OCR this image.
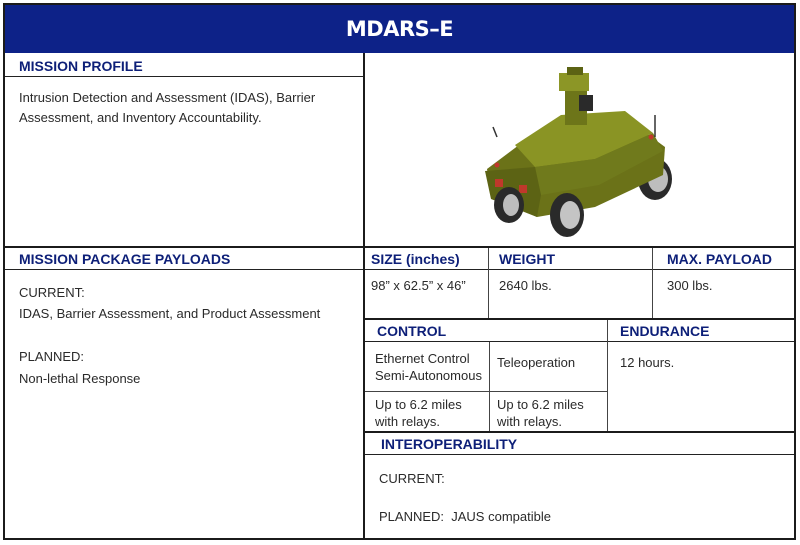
MDARS–E
MISSION PROFILE
Intrusion Detection and Assessment (IDAS), Barrier Assessment, and Inventory Accountability.
MISSION PACKAGE PAYLOADS
CURRENT:
IDAS, Barrier Assessment, and Product Assessment
PLANNED:
Non-lethal Response
SIZE (inches)
98” x 62.5” x 46”
WEIGHT
2640 lbs.
MAX. PAYLOAD
300 lbs.
CONTROL
Ethernet Control Semi-Autonomous
Teleoperation
Up to 6.2 miles with relays.
Up to 6.2 miles with relays.
ENDURANCE
12 hours.
INTEROPERABILITY
CURRENT:
PLANNED:  JAUS compatible
